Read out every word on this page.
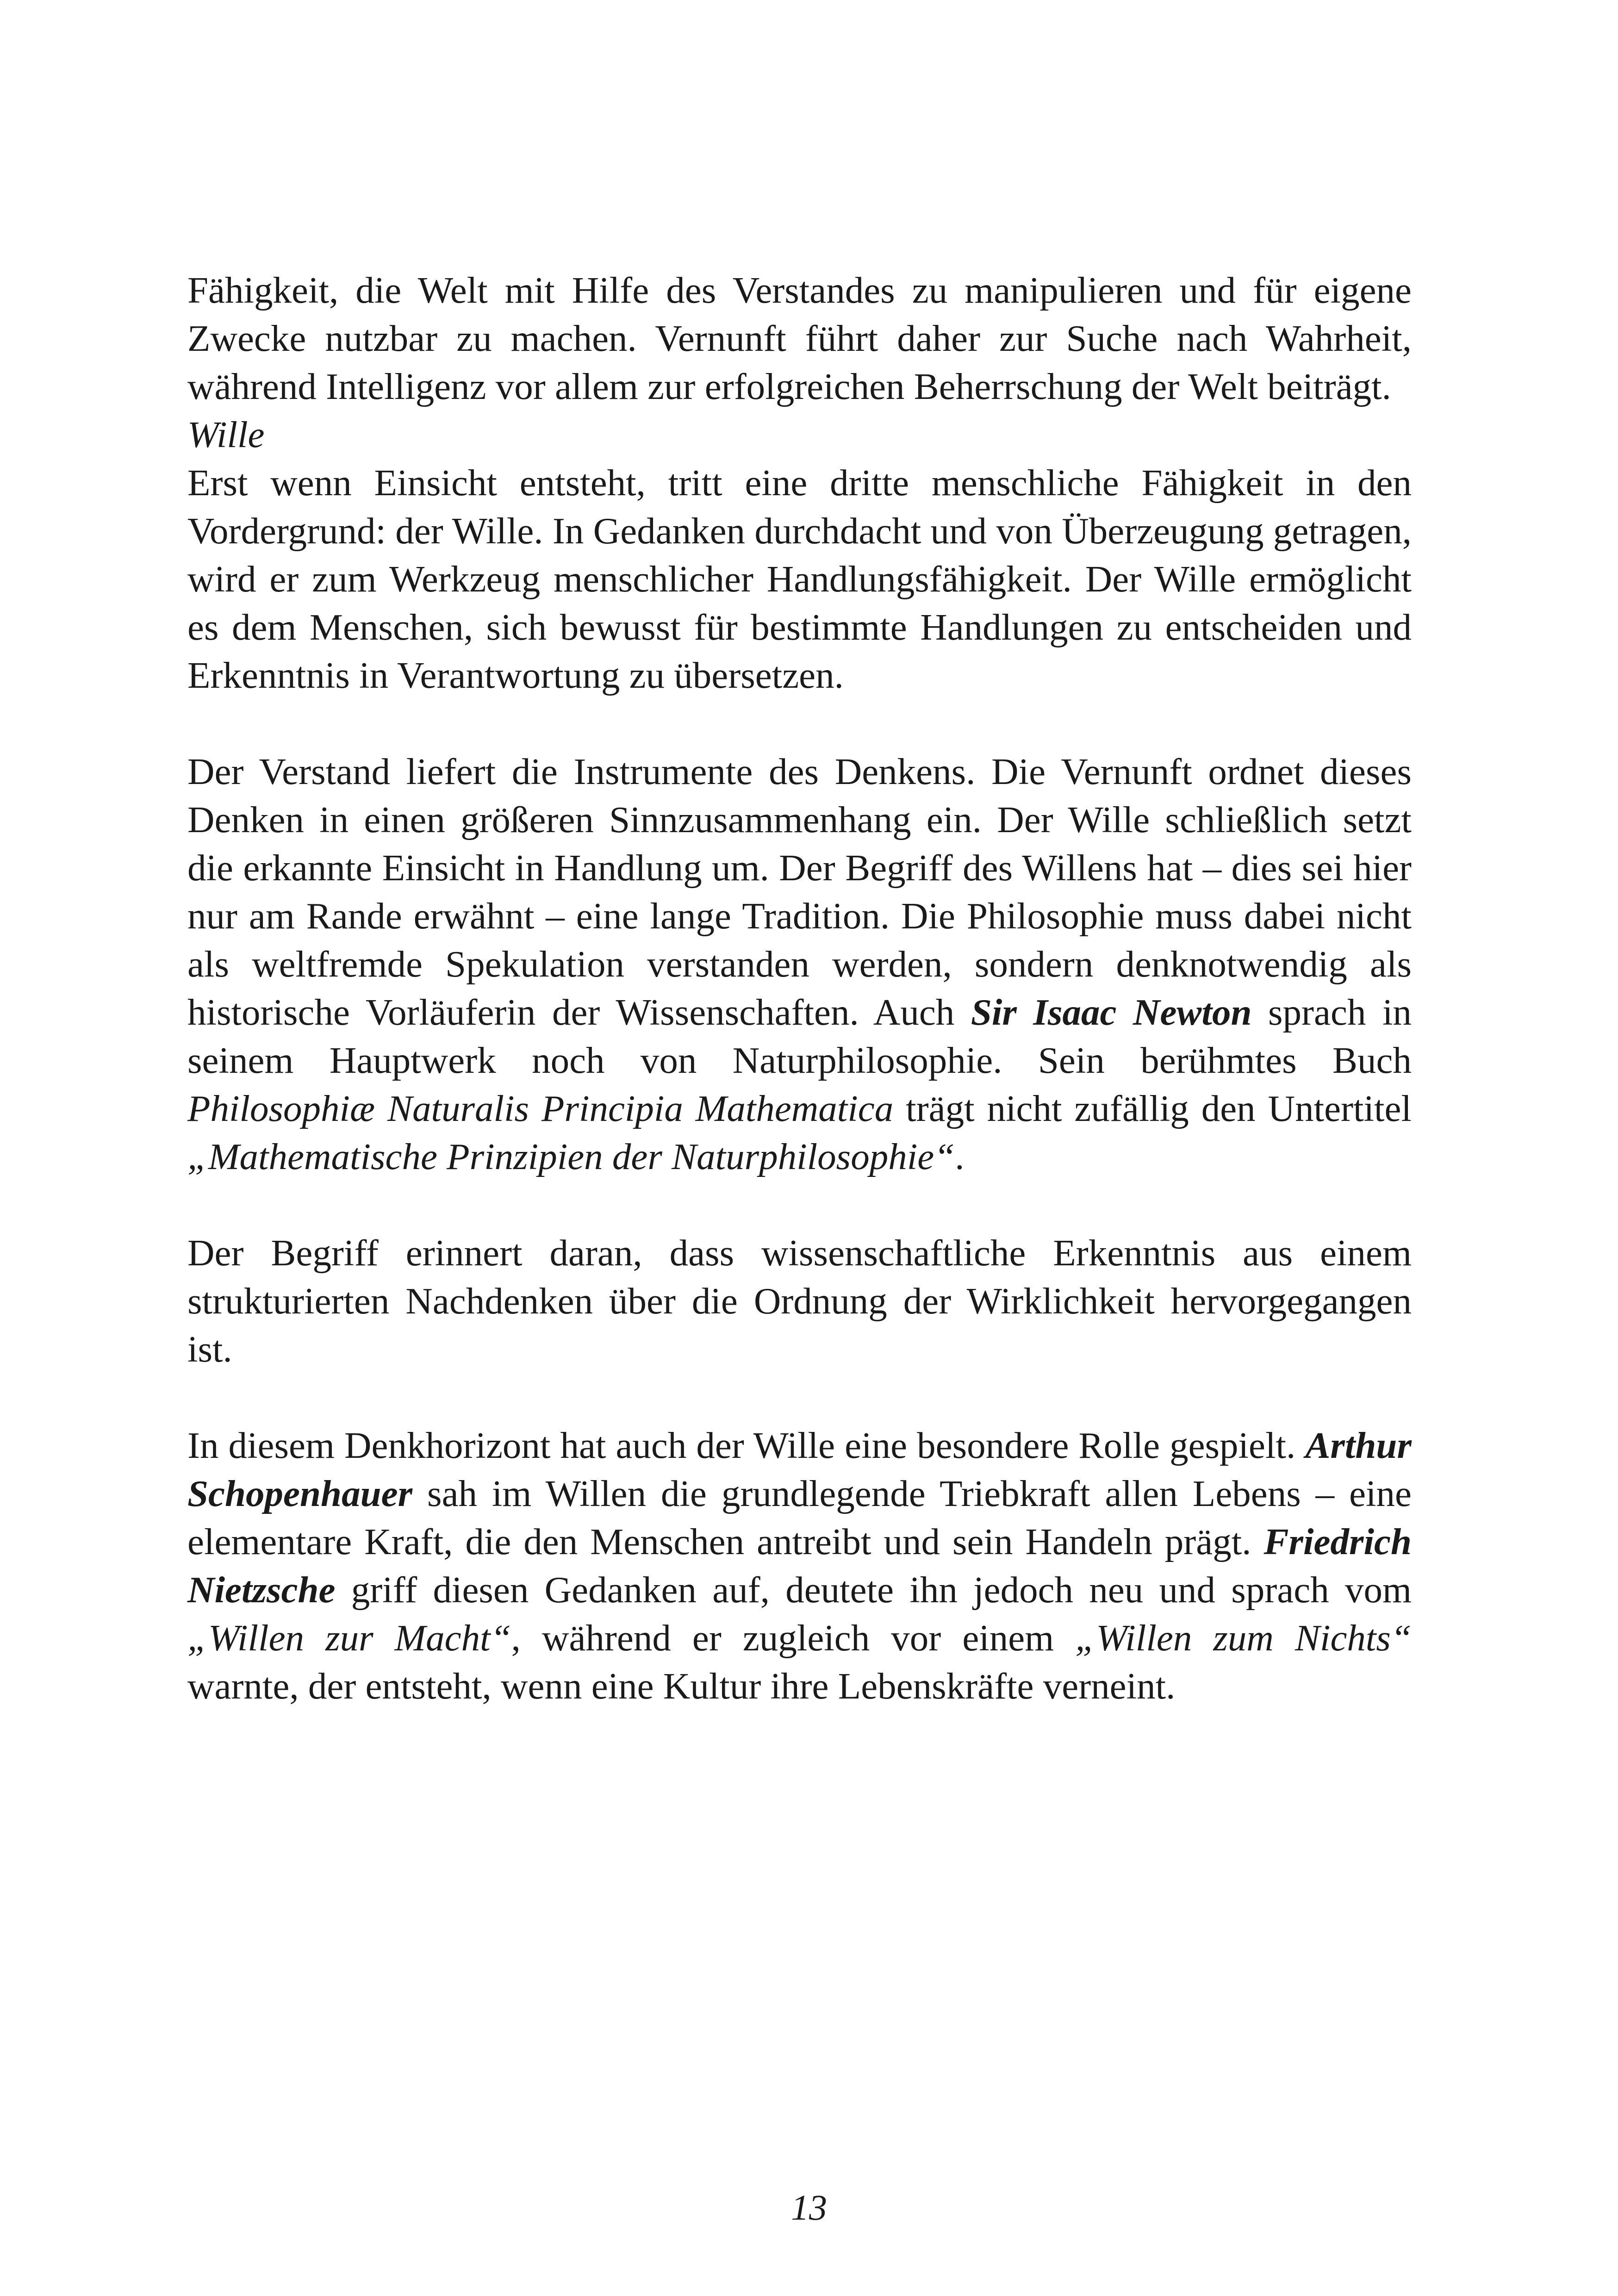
Fähigkeit, die Welt mit Hilfe des Verstandes zu manipulieren und für eigene Zwecke nutzbar zu machen. Vernunft führt daher zur Suche nach Wahrheit, während Intelligenz vor allem zur erfolgreichen Beherrschung der Welt beiträgt.

Wille

Erst wenn Einsicht entsteht, tritt eine dritte menschliche Fähigkeit in den Vordergrund: der Wille. In Gedanken durchdacht und von Überzeugung getragen, wird er zum Werkzeug menschlicher Handlungsfähigkeit. Der Wille ermöglicht es dem Menschen, sich bewusst für bestimmte Handlungen zu entscheiden und Erkenntnis in Verantwortung zu übersetzen.

Der Verstand liefert die Instrumente des Denkens. Die Vernunft ordnet dieses Denken in einen größeren Sinnzusammenhang ein. Der Wille schließlich setzt die erkannte Einsicht in Handlung um. Der Begriff des Willens hat – dies sei hier nur am Rande erwähnt – eine lange Tradition. Die Philosophie muss dabei nicht als weltfremde Spekulation verstanden werden, sondern denknotwendig als historische Vorläuferin der Wissenschaften. Auch Sir Isaac Newton sprach in seinem Hauptwerk noch von Naturphilosophie. Sein berühmtes Buch Philosophiæ Naturalis Principia Mathematica trägt nicht zufällig den Untertitel „Mathematische Prinzipien der Naturphilosophie“.

Der Begriff erinnert daran, dass wissenschaftliche Erkenntnis aus einem strukturierten Nachdenken über die Ordnung der Wirklichkeit hervorgegangen ist.

In diesem Denkhorizont hat auch der Wille eine besondere Rolle gespielt. Arthur Schopenhauer sah im Willen die grundlegende Triebkraft allen Lebens – eine elementare Kraft, die den Menschen antreibt und sein Handeln prägt. Friedrich Nietzsche griff diesen Gedanken auf, deutete ihn jedoch neu und sprach vom „Willen zur Macht“, während er zugleich vor einem „Willen zum Nichts“ warnte, der entsteht, wenn eine Kultur ihre Lebenskräfte verneint.

13
